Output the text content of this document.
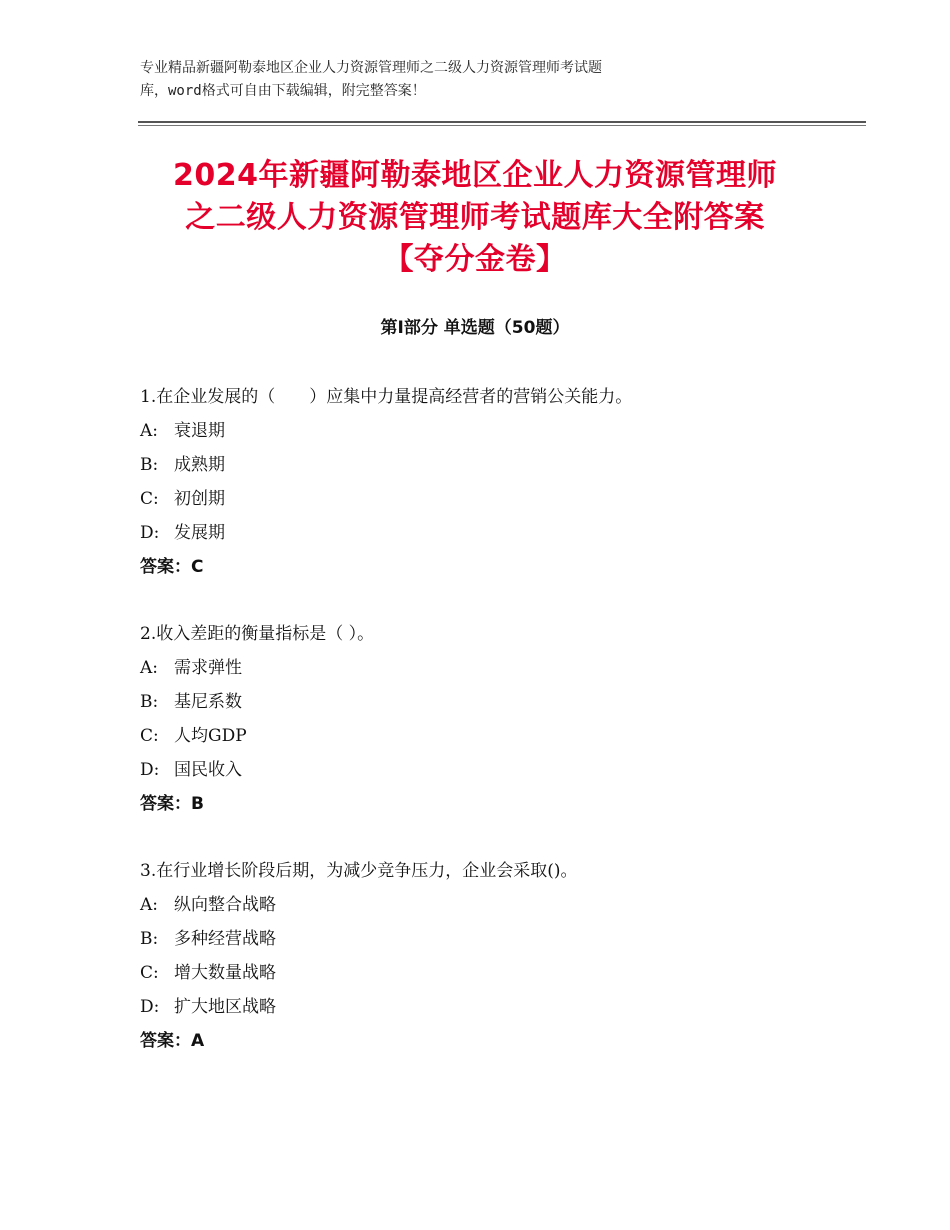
专业精品新疆阿勒泰地区企业人力资源管理师之二级人力资源管理师考试题
库，word格式可自由下载编辑，附完整答案！
2024年新疆阿勒泰地区企业人力资源管理师
之二级人力资源管理师考试题库大全附答案
【夺分金卷】
第Ⅰ部分 单选题（50题）
1.在企业发展的（　　）应集中力量提高经营者的营销公关能力。
A: 衰退期
B: 成熟期
C: 初创期
D: 发展期
答案：C
2.收入差距的衡量指标是（ ）。
A: 需求弹性
B: 基尼系数
C: 人均GDP
D: 国民收入
答案：B
3.在行业增长阶段后期，为减少竞争压力，企业会采取()。
A: 纵向整合战略
B: 多种经营战略
C: 增大数量战略
D: 扩大地区战略
答案：A
